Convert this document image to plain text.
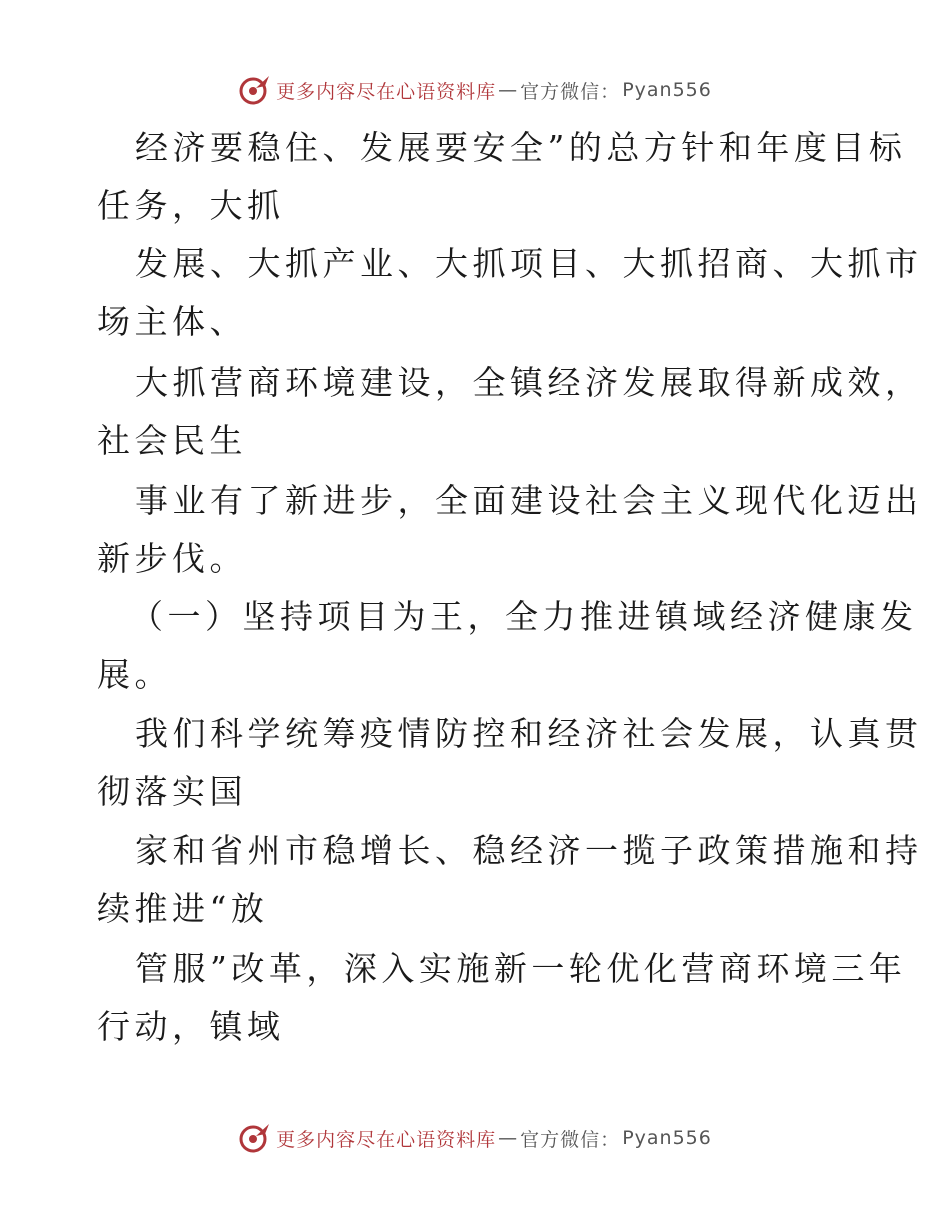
更多内容尽在心语资料库 — 官方微信： Pyan556
经济要稳住、发展要安全”的总方针和年度目标
任务，大抓
发展、大抓产业、大抓项目、大抓招商、大抓市
场主体、
大抓营商环境建设，全镇经济发展取得新成效，
社会民生
事业有了新进步，全面建设社会主义现代化迈出
新步伐。
（一）坚持项目为王，全力推进镇域经济健康发
展。
我们科学统筹疫情防控和经济社会发展，认真贯
彻落实国
家和省州市稳增长、稳经济一揽子政策措施和持
续推进“放
管服”改革，深入实施新一轮优化营商环境三年
行动，镇域
更多内容尽在心语资料库 — 官方微信： Pyan556
